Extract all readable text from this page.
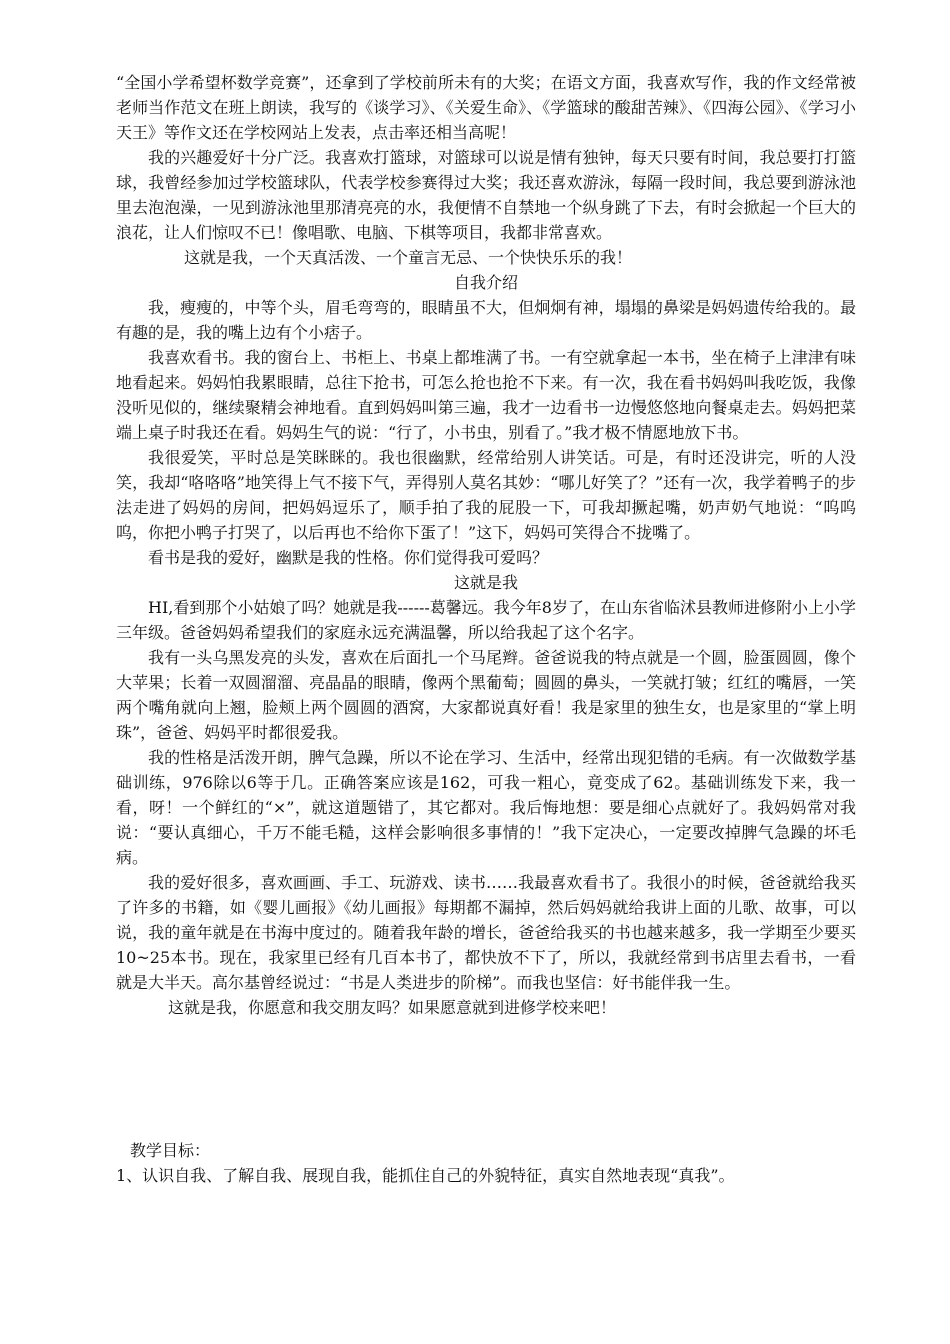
“全国小学希望杯数学竞赛”，还拿到了学校前所未有的大奖；在语文方面，我喜欢写作，我的作文经常被老师当作范文在班上朗读，我写的《谈学习》、《关爱生命》、《学篮球的酸甜苦辣》、《四海公园》、《学习小天王》等作文还在学校网站上发表，点击率还相当高呢！

我的兴趣爱好十分广泛。我喜欢打篮球，对篮球可以说是情有独钟，每天只要有时间，我总要打打篮球，我曾经参加过学校篮球队，代表学校参赛得过大奖；我还喜欢游泳，每隔一段时间，我总要到游泳池里去泡泡澡，一见到游泳池里那清亮亮的水，我便情不自禁地一个纵身跳了下去，有时会掀起一个巨大的浪花，让人们惊叹不已！像唱歌、电脑、下棋等项目，我都非常喜欢。

这就是我，一个天真活泼、一个童言无忌、一个快快乐乐的我！

自我介绍

我，瘦瘦的，中等个头，眉毛弯弯的，眼睛虽不大，但炯炯有神，塌塌的鼻梁是妈妈遗传给我的。最有趣的是，我的嘴上边有个小痞子。

我喜欢看书。我的窗台上、书柜上、书桌上都堆满了书。一有空就拿起一本书，坐在椅子上津津有味地看起来。妈妈怕我累眼睛，总往下抢书，可怎么抢也抢不下来。有一次，我在看书妈妈叫我吃饭，我像没听见似的，继续聚精会神地看。直到妈妈叫第三遍，我才一边看书一边慢悠悠地向餐桌走去。妈妈把菜端上桌子时我还在看。妈妈生气的说：“行了，小书虫，别看了。”我才极不情愿地放下书。

我很爱笑，平时总是笑眯眯的。我也很幽默，经常给别人讲笑话。可是，有时还没讲完，听的人没笑，我却“咯咯咯”地笑得上气不接下气，弄得别人莫名其妙：“哪儿好笑了？”还有一次，我学着鸭子的步法走进了妈妈的房间，把妈妈逗乐了，顺手拍了我的屁股一下，可我却撅起嘴，奶声奶气地说：“呜呜呜，你把小鸭子打哭了，以后再也不给你下蛋了！”这下，妈妈可笑得合不拢嘴了。

看书是我的爱好，幽默是我的性格。你们觉得我可爱吗？

这就是我

HI,看到那个小姑娘了吗？她就是我------葛馨远。我今年8岁了，在山东省临沭县教师进修附小上小学三年级。爸爸妈妈希望我们的家庭永远充满温馨，所以给我起了这个名字。

我有一头乌黑发亮的头发，喜欢在后面扎一个马尾辫。爸爸说我的特点就是一个圆，脸蛋圆圆，像个大苹果；长着一双圆溜溜、亮晶晶的眼睛，像两个黑葡萄；圆圆的鼻头，一笑就打皱；红红的嘴唇，一笑两个嘴角就向上翘，脸颊上两个圆圆的酒窝，大家都说真好看！我是家里的独生女，也是家里的“掌上明珠”，爸爸、妈妈平时都很爱我。

我的性格是活泼开朗，脾气急躁，所以不论在学习、生活中，经常出现犯错的毛病。有一次做数学基础训练，976除以6等于几。正确答案应该是162，可我一粗心，竟变成了62。基础训练发下来，我一看，呀！一个鲜红的“×”，就这道题错了，其它都对。我后悔地想：要是细心点就好了。我妈妈常对我说：“要认真细心，千万不能毛糙，这样会影响很多事情的！”我下定决心，一定要改掉脾气急躁的坏毛病。

我的爱好很多，喜欢画画、手工、玩游戏、读书……我最喜欢看书了。我很小的时候，爸爸就给我买了许多的书籍，如《婴儿画报》《幼儿画报》每期都不漏掉，然后妈妈就给我讲上面的儿歌、故事，可以说，我的童年就是在书海中度过的。随着我年龄的增长，爸爸给我买的书也越来越多，我一学期至少要买10~25本书。现在，我家里已经有几百本书了，都快放不下了，所以，我就经常到书店里去看书，一看就是大半天。高尔基曾经说过：“书是人类进步的阶梯”。而我也坚信：好书能伴我一生。

这就是我，你愿意和我交朋友吗？如果愿意就到进修学校来吧！

教学目标：

1、认识自我、了解自我、展现自我，能抓住自己的外貌特征，真实自然地表现“真我”。
